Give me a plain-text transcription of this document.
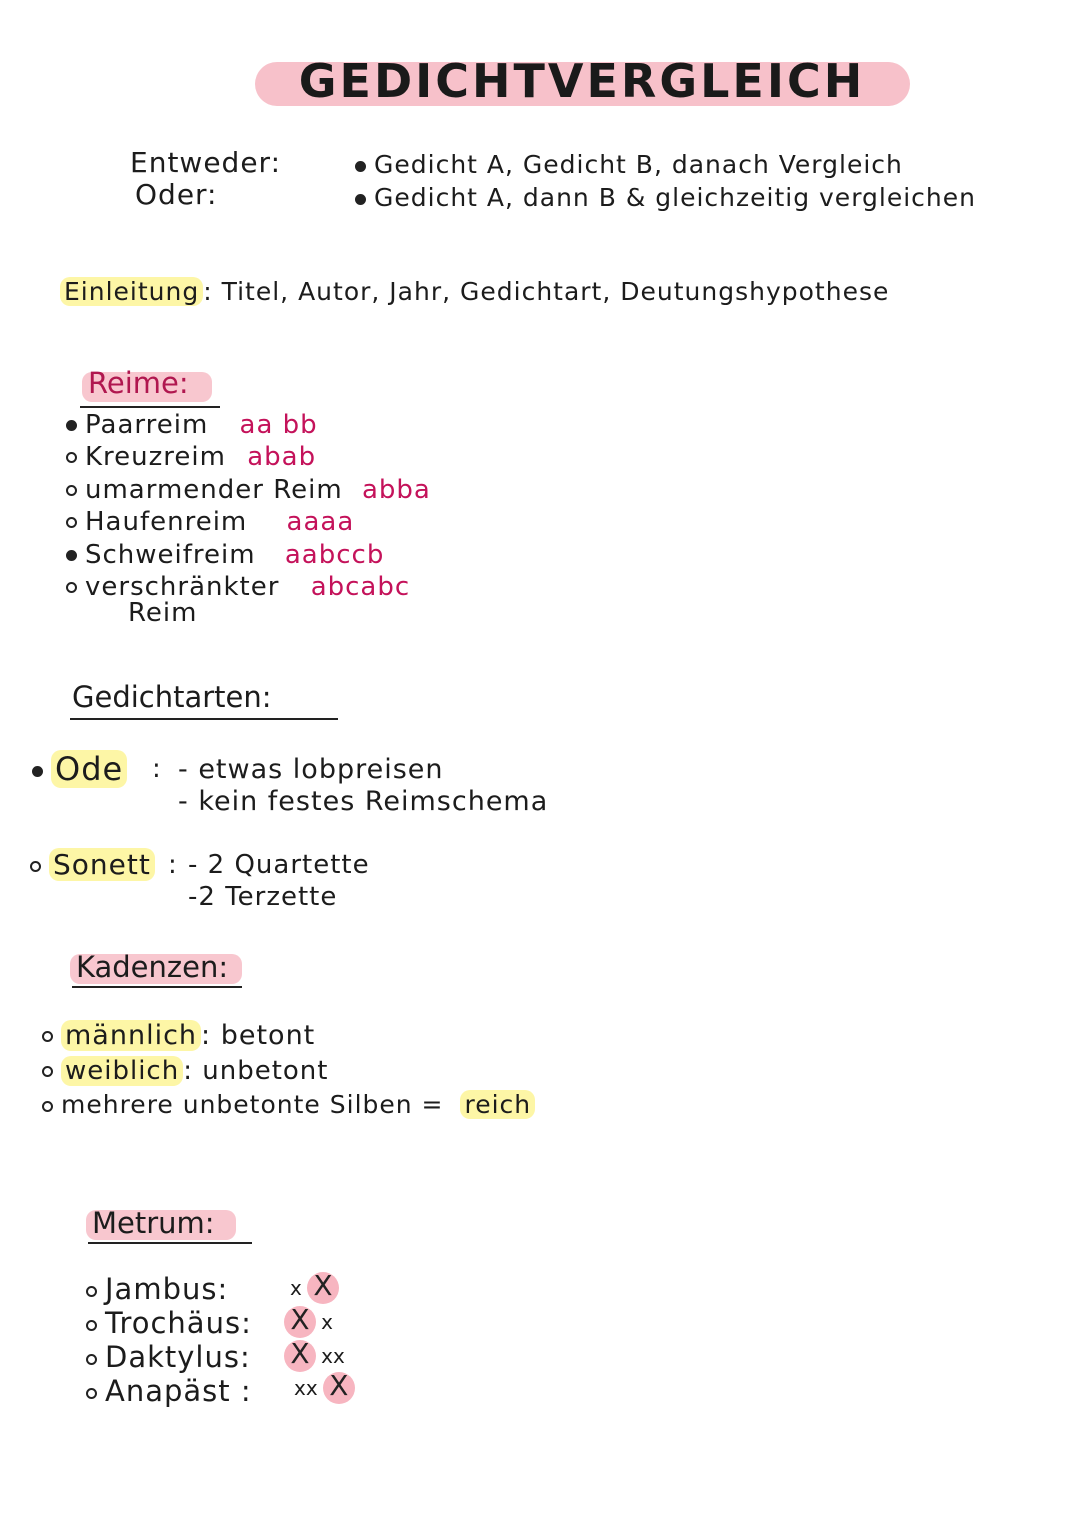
GEDICHTVERGLEICH
Entweder:
Oder:
Gedicht A, Gedicht B, danach Vergleich
Gedicht A, dann B & gleichzeitig vergleichen
Einleitung : Titel, Autor, Jahr, Gedichtart, Deutungshypothese
Reime:
Paarreim aa bb
Kreuzreim abab
umarmender Reim abba
Haufenreim aaaa
Schweifreim aabccb
verschränkter abcabc
Reim
Gedichtarten:
Ode : - etwas lobpreisen
- kein festes Reimschema
Sonett : - 2 Quartette
-2 Terzette
Kadenzen:
männlich : betont
weiblich : unbetont
mehrere unbetonte Silben = reich
Metrum:
Jambus:	x X
Trochäus: X x
Daktylus: X xx
Anapäst : xx X
